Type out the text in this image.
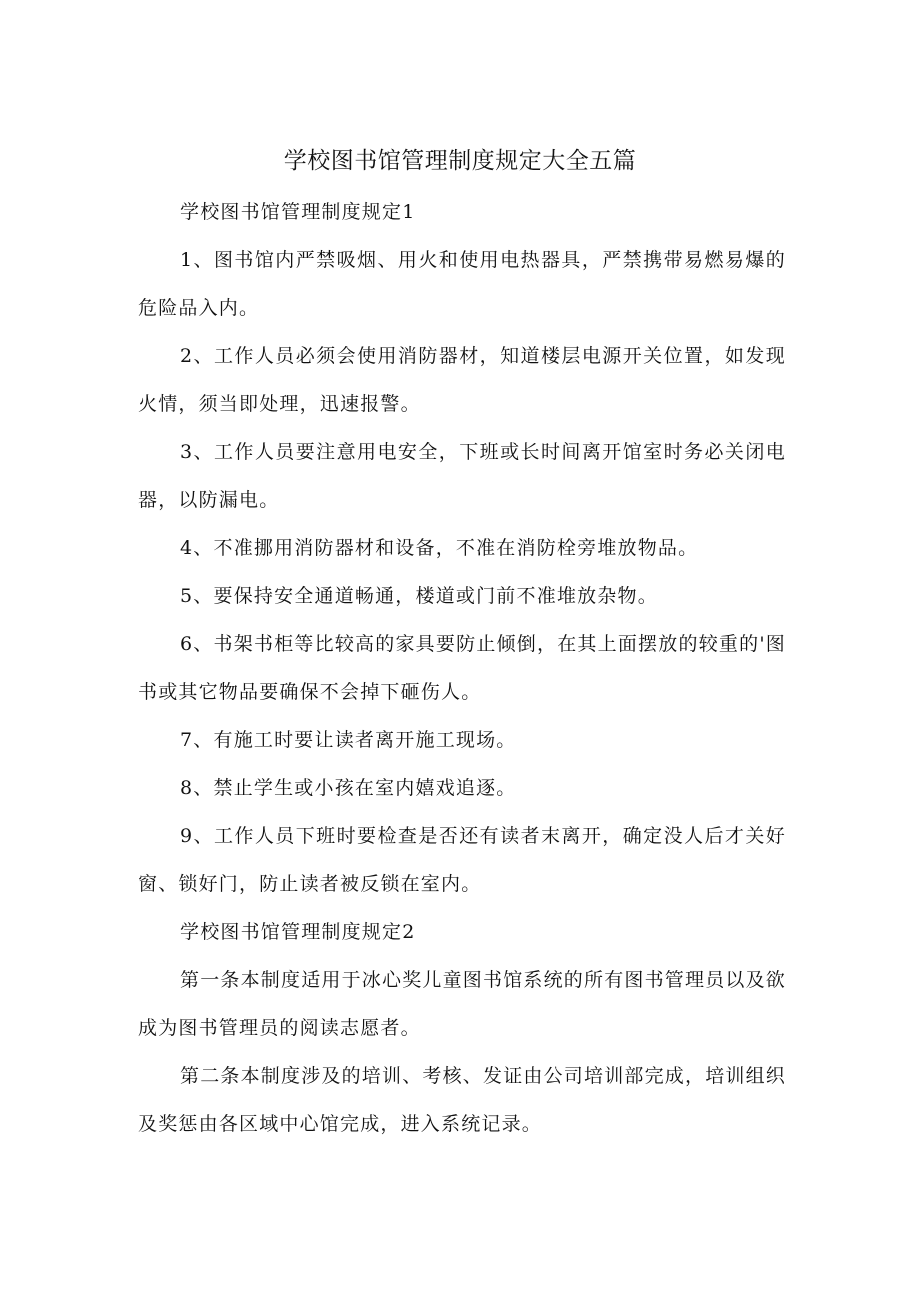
学校图书馆管理制度规定大全五篇

学校图书馆管理制度规定1

1、图书馆内严禁吸烟、用火和使用电热器具，严禁携带易燃易爆的危险品入内。

2、工作人员必须会使用消防器材，知道楼层电源开关位置，如发现火情，须当即处理，迅速报警。

3、工作人员要注意用电安全，下班或长时间离开馆室时务必关闭电器，以防漏电。

4、不准挪用消防器材和设备，不准在消防栓旁堆放物品。

5、要保持安全通道畅通，楼道或门前不准堆放杂物。

6、书架书柜等比较高的家具要防止倾倒，在其上面摆放的较重的'图书或其它物品要确保不会掉下砸伤人。

7、有施工时要让读者离开施工现场。

8、禁止学生或小孩在室内嬉戏追逐。

9、工作人员下班时要检查是否还有读者末离开，确定没人后才关好窗、锁好门，防止读者被反锁在室内。

学校图书馆管理制度规定2

第一条本制度适用于冰心奖儿童图书馆系统的所有图书管理员以及欲成为图书管理员的阅读志愿者。

第二条本制度涉及的培训、考核、发证由公司培训部完成，培训组织及奖惩由各区域中心馆完成，进入系统记录。
